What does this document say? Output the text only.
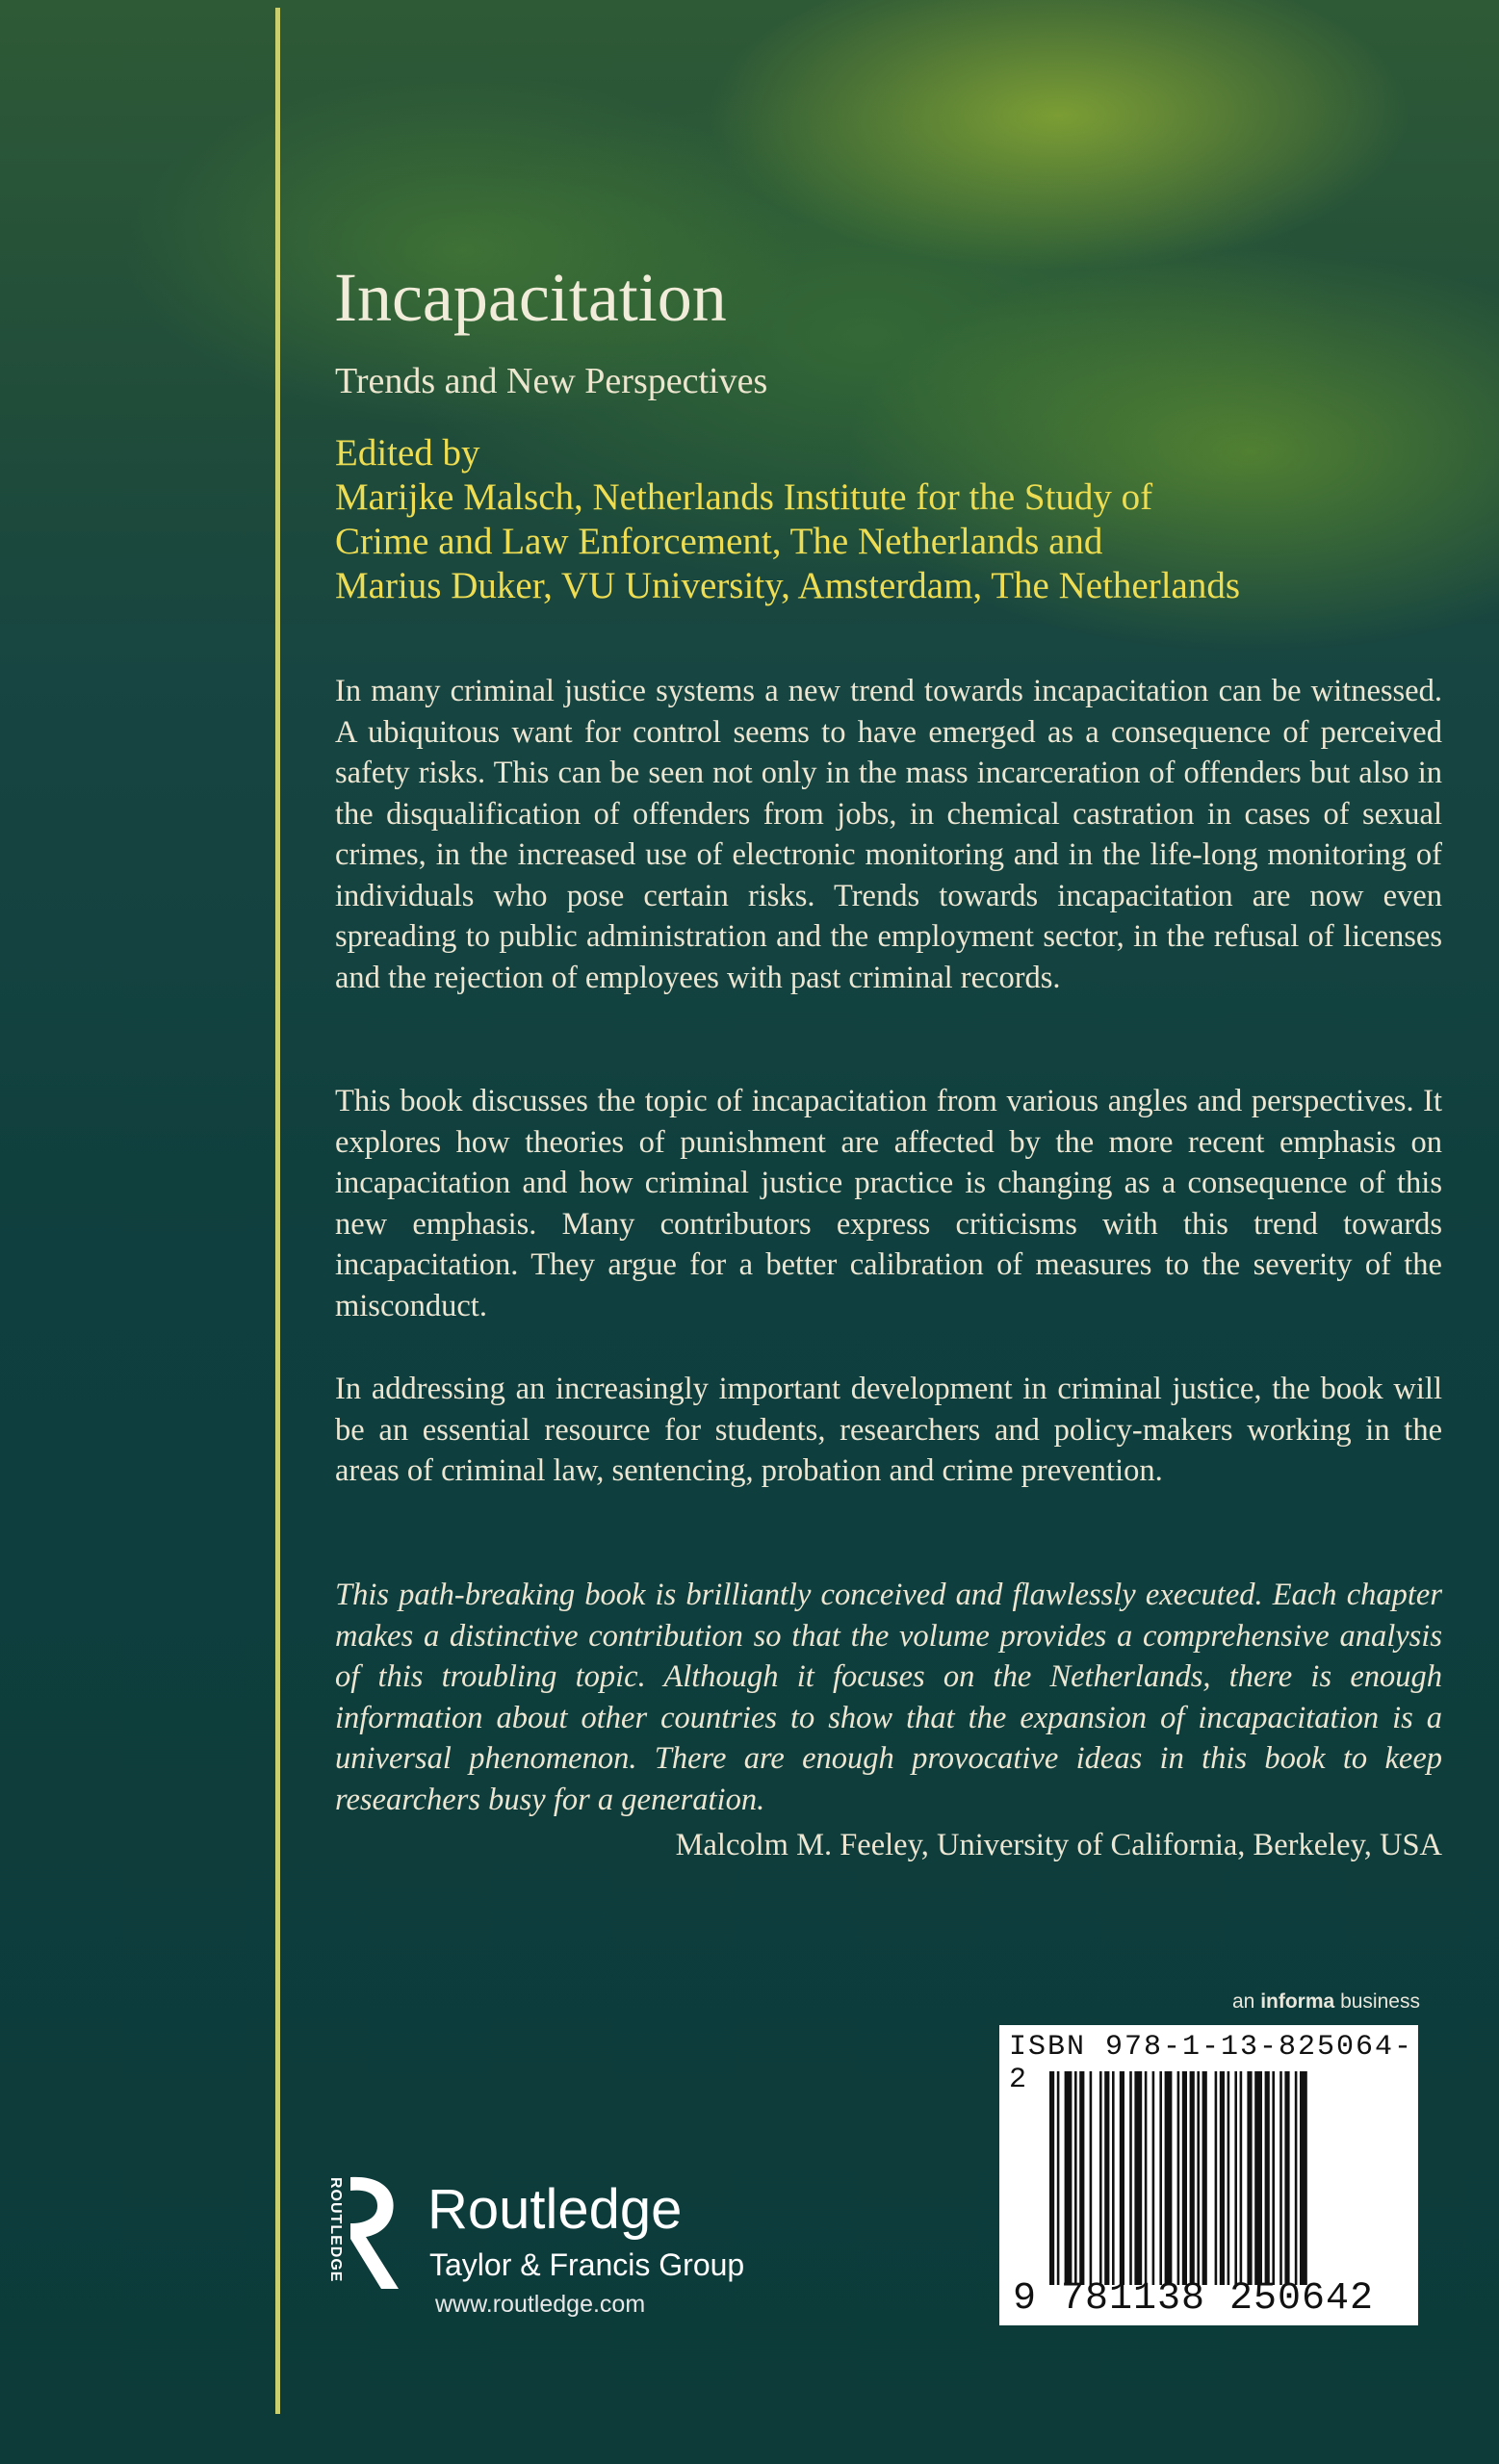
Incapacitation
Trends and New Perspectives
Edited by
Marijke Malsch, Netherlands Institute for the Study of
Crime and Law Enforcement, The Netherlands and
Marius Duker, VU University, Amsterdam, The Netherlands

In many criminal justice systems a new trend towards incapacitation can be witnessed. A ubiquitous want for control seems to have emerged as a consequence of perceived safety risks. This can be seen not only in the mass incarceration of offenders but also in the disqualification of offenders from jobs, in chemical castration in cases of sexual crimes, in the increased use of electronic monitoring and in the life-long monitoring of individuals who pose certain risks. Trends towards incapacitation are now even spreading to public administration and the employment sector, in the refusal of licenses and the rejection of employees with past criminal records.

This book discusses the topic of incapacitation from various angles and perspectives. It explores how theories of punishment are affected by the more recent emphasis on incapacitation and how criminal justice practice is changing as a consequence of this new emphasis. Many contributors express criticisms with this trend towards incapacitation. They argue for a better calibration of measures to the severity of the misconduct.

In addressing an increasingly important development in criminal justice, the book will be an essential resource for students, researchers and policy-makers working in the areas of criminal law, sentencing, probation and crime prevention.

This path-breaking book is brilliantly conceived and flawlessly executed. Each chapter makes a distinctive contribution so that the volume provides a comprehensive analysis of this troubling topic. Although it focuses on the Netherlands, there is enough information about other countries to show that the expansion of incapacitation is a universal phenomenon. There are enough provocative ideas in this book to keep researchers busy for a generation.

Malcolm M. Feeley, University of California, Berkeley, USA
an informa business
ISBN 978-1-13-825064-2
9 781138 250642
ROUTLEDGE Routledge
Taylor & Francis Group
www.routledge.com
